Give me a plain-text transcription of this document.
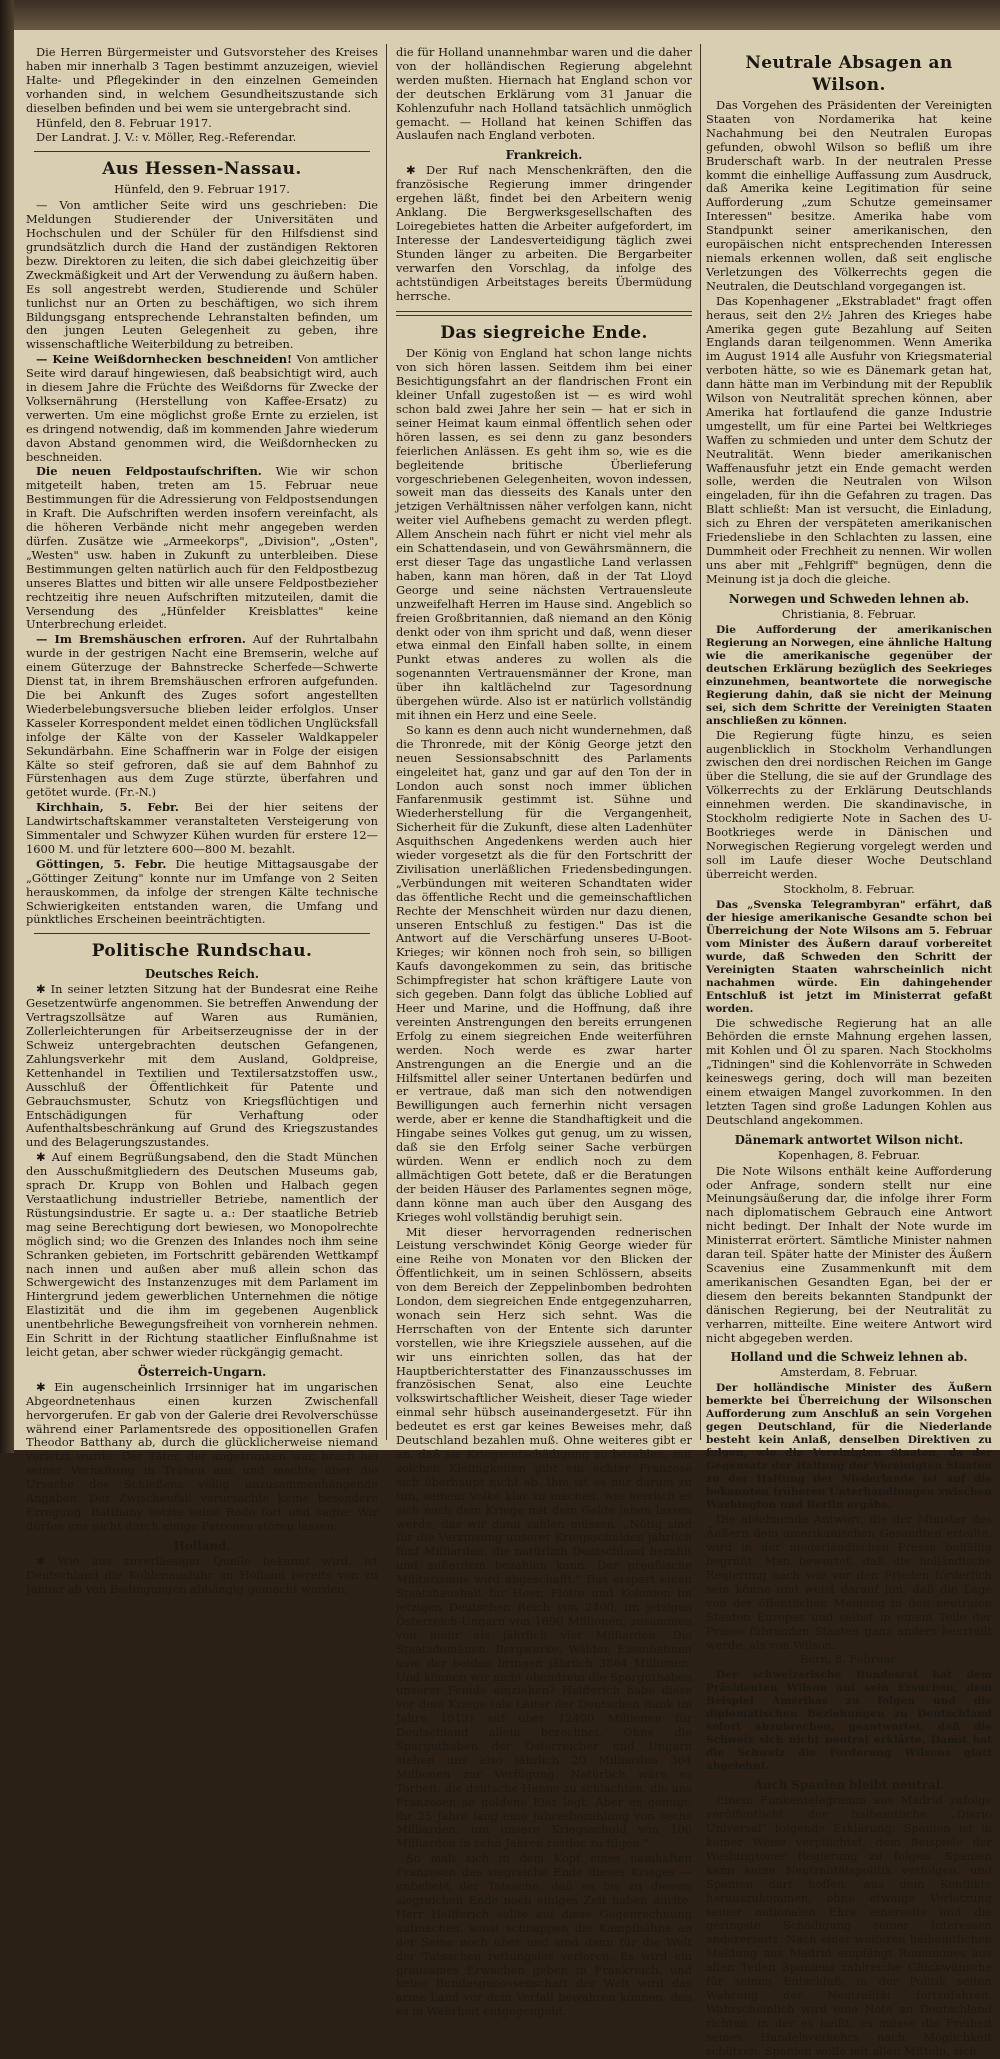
Die Herren Bürgermeister und Gutsvorsteher des Kreises haben mir innerhalb 3 Tagen bestimmt anzuzeigen, wieviel Halte- und Pflegekinder in den einzelnen Gemeinden vorhanden sind, in welchem Gesundheitszustande sich dieselben befinden und bei wem sie untergebracht sind.

Hünfeld, den 8. Februar 1917.

Der Landrat. J. V.: v. Möller, Reg.-Referendar.

Aus Hessen-Nassau.
Hünfeld, den 9. Februar 1917.

— Von amtlicher Seite wird uns geschrieben: Die Meldungen Studierender der Universitäten und Hochschulen und der Schüler für den Hilfsdienst sind grundsätzlich durch die Hand der zuständigen Rektoren bezw. Direktoren zu leiten, die sich dabei gleichzeitig über Zweckmäßigkeit und Art der Verwendung zu äußern haben. Es soll angestrebt werden, Studierende und Schüler tunlichst nur an Orten zu beschäftigen, wo sich ihrem Bildungsgang entsprechende Lehranstalten befinden, um den jungen Leuten Gelegenheit zu geben, ihre wissenschaftliche Weiterbildung zu betreiben.

— Keine Weißdornhecken beschneiden! Von amtlicher Seite wird darauf hingewiesen, daß beabsichtigt wird, auch in diesem Jahre die Früchte des Weißdorns für Zwecke der Volksernährung (Herstellung von Kaffee-Ersatz) zu verwerten. Um eine möglichst große Ernte zu erzielen, ist es dringend notwendig, daß im kommenden Jahre wiederum davon Abstand genommen wird, die Weißdornhecken zu beschneiden.

Die neuen Feldpostaufschriften. Wie wir schon mitgeteilt haben, treten am 15. Februar neue Bestimmungen für die Adressierung von Feldpostsendungen in Kraft. Die Aufschriften werden insofern vereinfacht, als die höheren Verbände nicht mehr angegeben werden dürfen. Zusätze wie „Armeekorps", „Division", „Osten", „Westen" usw. haben in Zukunft zu unterbleiben. Diese Bestimmungen gelten natürlich auch für den Feldpostbezug unseres Blattes und bitten wir alle unsere Feldpostbezieher rechtzeitig ihre neuen Aufschriften mitzuteilen, damit die Versendung des „Hünfelder Kreisblattes" keine Unterbrechung erleidet.

— Im Bremshäuschen erfroren. Auf der Ruhrtalbahn wurde in der gestrigen Nacht eine Bremserin, welche auf einem Güterzuge der Bahnstrecke Scherfede—Schwerte Dienst tat, in ihrem Bremshäuschen erfroren aufgefunden. Die bei Ankunft des Zuges sofort angestellten Wiederbelebungsversuche blieben leider erfolglos. Unser Kasseler Korrespondent meldet einen tödlichen Unglücksfall infolge der Kälte von der Kasseler Waldkappeler Sekundärbahn. Eine Schaffnerin war in Folge der eisigen Kälte so steif gefroren, daß sie auf dem Bahnhof zu Fürstenhagen aus dem Zuge stürzte, überfahren und getötet wurde. (Fr.-N.)

Kirchhain, 5. Febr. Bei der hier seitens der Landwirtschaftskammer veranstalteten Versteigerung von Simmentaler und Schwyzer Kühen wurden für erstere 12—1600 M. und für letztere 600—800 M. bezahlt.

Göttingen, 5. Febr. Die heutige Mittagsausgabe der „Göttinger Zeitung" konnte nur im Umfange von 2 Seiten herauskommen, da infolge der strengen Kälte technische Schwierigkeiten entstanden waren, die Umfang und pünktliches Erscheinen beeinträchtigten.

Politische Rundschau.
Deutsches Reich.

✱ In seiner letzten Sitzung hat der Bundesrat eine Reihe Gesetzentwürfe angenommen. Sie betreffen Anwendung der Vertragszollsätze auf Waren aus Rumänien, Zollerleichterungen für Arbeitserzeugnisse der in der Schweiz untergebrachten deutschen Gefangenen, Zahlungsverkehr mit dem Ausland, Goldpreise, Kettenhandel in Textilien und Textilersatzstoffen usw., Ausschluß der Öffentlichkeit für Patente und Gebrauchsmuster, Schutz von Kriegsflüchtigen und Entschädigungen für Verhaftung oder Aufenthaltsbeschränkung auf Grund des Kriegszustandes und des Belagerungszustandes.

✱ Auf einem Begrüßungsabend, den die Stadt München den Ausschußmitgliedern des Deutschen Museums gab, sprach Dr. Krupp von Bohlen und Halbach gegen Verstaatlichung industrieller Betriebe, namentlich der Rüstungsindustrie. Er sagte u. a.: Der staatliche Betrieb mag seine Berechtigung dort bewiesen, wo Monopolrechte möglich sind; wo die Grenzen des Inlandes noch ihm seine Schranken gebieten, im Fortschritt gebärenden Wettkampf nach innen und außen aber muß allein schon das Schwergewicht des Instanzenzuges mit dem Parlament im Hintergrund jedem gewerblichen Unternehmen die nötige Elastizität und die ihm im gegebenen Augenblick unentbehrliche Bewegungsfreiheit von vornherein nehmen. Ein Schritt in der Richtung staatlicher Einflußnahme ist leicht getan, aber schwer wieder rückgängig gemacht.

Österreich-Ungarn.

✱ Ein augenscheinlich Irrsinniger hat im ungarischen Abgeordnetenhaus einen kurzen Zwischenfall hervorgerufen. Er gab von der Galerie drei Revolverschüsse während einer Parlamentsrede des oppositionellen Grafen Theodor Batthany ab, durch die glücklicherweise niemand verletzt wurde. Der Täter, der angetrunken war, brach bei seiner Verhaftung in Tränen aus und machte über die Ursache des Schießens völlig unzusammenhängende Angaben. Der Zwischenfall verursachte keine besondere Erregung. Batthany setzte seine Rede fort und sagte: Wir dürfen uns nicht durch einige Patronen stören lassen.

Holland.

✱ Wie aus zuverlässiger Quelle bekannt wird, ist Deutschland die Kohlenausfuhr an Holland bereits von zu Januar ab von Bedingungen abhängig gemacht worden,

die für Holland unannehmbar waren und die daher von der holländischen Regierung abgelehnt werden mußten. Hiernach hat England schon vor der deutschen Erklärung vom 31 Januar die Kohlenzufuhr nach Holland tatsächlich unmöglich gemacht. — Holland hat keinen Schiffen das Auslaufen nach England verboten.

Frankreich.

✱ Der Ruf nach Menschenkräften, den die französische Regierung immer dringender ergehen läßt, findet bei den Arbeitern wenig Anklang. Die Bergwerksgesellschaften des Loiregebietes hatten die Arbeiter aufgefordert, im Interesse der Landesverteidigung täglich zwei Stunden länger zu arbeiten. Die Bergarbeiter verwarfen den Vorschlag, da infolge des achtstündigen Arbeitstages bereits Übermüdung herrsche.

Das siegreiche Ende.

Der König von England hat schon lange nichts von sich hören lassen. Seitdem ihm bei einer Besichtigungsfahrt an der flandrischen Front ein kleiner Unfall zugestoßen ist — es wird wohl schon bald zwei Jahre her sein — hat er sich in seiner Heimat kaum einmal öffentlich sehen oder hören lassen, es sei denn zu ganz besonders feierlichen Anlässen. Es geht ihm so, wie es die begleitende britische Überlieferung vorgeschriebenen Gelegenheiten, wovon indessen, soweit man das diesseits des Kanals unter den jetzigen Verhältnissen näher verfolgen kann, nicht weiter viel Aufhebens gemacht zu werden pflegt. Allem Anschein nach führt er nicht viel mehr als ein Schattendasein, und von Gewährsmännern, die erst dieser Tage das ungastliche Land verlassen haben, kann man hören, daß in der Tat Lloyd George und seine nächsten Vertrauensleute unzweifelhaft Herren im Hause sind. Angeblich so freien Großbritannien, daß niemand an den König denkt oder von ihm spricht und daß, wenn dieser etwa einmal den Einfall haben sollte, in einem Punkt etwas anderes zu wollen als die sogenannten Vertrauensmänner der Krone, man über ihn kaltlächelnd zur Tagesordnung übergehen würde. Also ist er natürlich vollständig mit ihnen ein Herz und eine Seele.

So kann es denn auch nicht wundernehmen, daß die Thronrede, mit der König George jetzt den neuen Sessionsabschnitt des Parlaments eingeleitet hat, ganz und gar auf den Ton der in London auch sonst noch immer üblichen Fanfarenmusik gestimmt ist. Sühne und Wiederherstellung für die Vergangenheit, Sicherheit für die Zukunft, diese alten Ladenhüter Asquithschen Angedenkens werden auch hier wieder vorgesetzt als die für den Fortschritt der Zivilisation unerläßlichen Friedensbedingungen. „Verbündungen mit weiteren Schandtaten wider das öffentliche Recht und die gemeinschaftlichen Rechte der Menschheit würden nur dazu dienen, unseren Entschluß zu festigen." Das ist die Antwort auf die Verschärfung unseres U-Boot-Krieges; wir können noch froh sein, so billigen Kaufs davongekommen zu sein, das britische Schimpfregister hat schon kräftigere Laute von sich gegeben. Dann folgt das übliche Loblied auf Heer und Marine, und die Hoffnung, daß ihre vereinten Anstrengungen den bereits errungenen Erfolg zu einem siegreichen Ende weiterführen werden. Noch werde es zwar harter Anstrengungen an die Energie und an die Hilfsmittel aller seiner Untertanen bedürfen und er vertraue, daß man sich den notwendigen Bewilligungen auch fernerhin nicht versagen werde, aber er kenne die Standhaftigkeit und die Hingabe seines Volkes gut genug, um zu wissen, daß sie den Erfolg seiner Sache verbürgen würden. Wenn er endlich noch zu dem allmächtigen Gott betete, daß er die Beratungen der beiden Häuser des Parlamentes segnen möge, dann könne man auch über den Ausgang des Krieges wohl vollständig beruhigt sein.

Mit dieser hervorragenden rednerischen Leistung verschwindet König George wieder für eine Reihe von Monaten vor den Blicken der Öffentlichkeit, um in seinen Schlössern, abseits von dem Bereich der Zeppelinbomben bedrohten London, dem siegreichen Ende entgegenzuharren, wonach sein Herz sich sehnt. Was die Herrschaften von der Entente sich darunter vorstellen, wie ihre Kriegsziele aussehen, auf die wir uns einrichten sollen, das hat der Hauptberichterstatter des Finanzausschusses im französischen Senat, also eine Leuchte volkswirtschaftlicher Weisheit, dieser Tage wieder einmal sehr hübsch auseinandergesetzt. Für ihn bedeutet es erst gar keines Beweises mehr, daß Deutschland bezahlen muß. Ohne weiteres gibt er an, daß sie Kriegsentschädigung zu bezahlen, mit solchen Kleinigkeiten gibt ein echter Franzose sich überhaupt nicht ab. Ihm ist es nur darum zu tun, seinem Volke klar zu machen, wie herrlich es sich nach dem Kriege mit dem Gelde leben lassen werde, das wir dann zahlen müssen. „Nötig sind für die Verzinsung unserer Kriegsschulden jährlich fünf Milliarden, die natürlich Deutschland bezahlt und außerdem bezahlen kann. Der preußische Militarismus wird abgeschafft." Das erspart einen Staatshaushalt für Heer, Flotte und Kolonien im jetzigen Deutschen Reich von 2400, im jetzigen Österreich-Ungarn von 1690 Millionen, zusammen von mehr als jährlich vier Milliarden. Die Staatsdomänen, Bergwerke, Wälder, Eisenbahnen usw. der beiden bringen jährlich 3864 Millionen. Und können wir nicht obendrein die Sparguthaben unserer Feinde einziehen? Helfferich habe diese vor dem Kriege (als Leiter der Deutschen Bank im Jahre 1913) auf über 12400 Millionen für Deutschland allein berechnet. Ohne die Sparguthaben der Österreicher und Ungarn stehen uns also jährlich 20 Milliarden 364 Millionen zur Verfügung. Natürlich wäre es Torheit, die deutsche Henne zu schlachten, die uns Franzosen so goldene Eier legt. Aber es genügt, ihr 25 Jahre lang eine Jahresbezahlung von sechs Milliarden, um unsere Kriegsschuld von 100 Milliarden in zehn Jahren restlos zu tilgen."

So malt sich in dem Kopf eines namhaften Franzosen das siegreiche Ende dieses Krieges — unbeliebt der Tatsache, daß es bis zu diesem siegreichen Ende noch einiges Zeit haben dürfte. Herr Helfferich sollte auf diese Gegenrechnung aufmachen, sonst schnappen die Kampfhähne an der Seine noch über und sind dann für die Welt der Tatsachen rettungslos verloren. Es wird ein grausames Erwachen geben in Frankreich, und keine Bundesgenossenschaft der Welt wird das arme Land vor dem Verfall bewahren können, den es in Wahrheit entgegengeht.

Neutrale Absagen an Wilson.

Das Vorgehen des Präsidenten der Vereinigten Staaten von Nordamerika hat keine Nachahmung bei den Neutralen Europas gefunden, obwohl Wilson so befliß um ihre Bruderschaft warb. In der neutralen Presse kommt die einhellige Auffassung zum Ausdruck, daß Amerika keine Legitimation für seine Aufforderung „zum Schutze gemeinsamer Interessen" besitze. Amerika habe vom Standpunkt seiner amerikanischen, den europäischen nicht entsprechenden Interessen niemals erkennen wollen, daß seit englische Verletzungen des Völkerrechts gegen die Neutralen, die Deutschland vorgegangen ist.

Das Kopenhagener „Ekstrabladet" fragt offen heraus, seit den 2½ Jahren des Krieges habe Amerika gegen gute Bezahlung auf Seiten Englands daran teilgenommen. Wenn Amerika im August 1914 alle Ausfuhr von Kriegsmaterial verboten hätte, so wie es Dänemark getan hat, dann hätte man im Verbindung mit der Republik Wilson von Neutralität sprechen können, aber Amerika hat fortlaufend die ganze Industrie umgestellt, um für eine Partei bei Weltkrieges Waffen zu schmieden und unter dem Schutz der Neutralität. Wenn bieder amerikanischen Waffenausfuhr jetzt ein Ende gemacht werden solle, werden die Neutralen von Wilson eingeladen, für ihn die Gefahren zu tragen. Das Blatt schließt: Man ist versucht, die Einladung, sich zu Ehren der verspäteten amerikanischen Friedensliebe in den Schlachten zu lassen, eine Dummheit oder Frechheit zu nennen. Wir wollen uns aber mit „Fehlgriff" begnügen, denn die Meinung ist ja doch die gleiche.

Norwegen und Schweden lehnen ab.
Christiania, 8. Februar.

Die Aufforderung der amerikanischen Regierung an Norwegen, eine ähnliche Haltung wie die amerikanische gegenüber der deutschen Erklärung bezüglich des Seekrieges einzunehmen, beantwortete die norwegische Regierung dahin, daß sie nicht der Meinung sei, sich dem Schritte der Vereinigten Staaten anschließen zu können.

Die Regierung fügte hinzu, es seien augenblicklich in Stockholm Verhandlungen zwischen den drei nordischen Reichen im Gange über die Stellung, die sie auf der Grundlage des Völkerrechts zu der Erklärung Deutschlands einnehmen werden. Die skandinavische, in Stockholm redigierte Note in Sachen des U-Bootkrieges werde in Dänischen und Norwegischen Regierung vorgelegt werden und soll im Laufe dieser Woche Deutschland überreicht werden.

Stockholm, 8. Februar.

Das „Svenska Telegrambyran" erfährt, daß der hiesige amerikanische Gesandte schon bei Überreichung der Note Wilsons am 5. Februar vom Minister des Äußern darauf vorbereitet wurde, daß Schweden den Schritt der Vereinigten Staaten wahrscheinlich nicht nachahmen würde. Ein dahingehender Entschluß ist jetzt im Ministerrat gefaßt worden.

Die schwedische Regierung hat an alle Behörden die ernste Mahnung ergehen lassen, mit Kohlen und Öl zu sparen. Nach Stockholms „Tidningen" sind die Kohlenvorräte in Schweden keineswegs gering, doch will man bezeiten einem etwaigen Mangel zuvorkommen. In den letzten Tagen sind große Ladungen Kohlen aus Deutschland angekommen.

Dänemark antwortet Wilson nicht.
Kopenhagen, 8. Februar.

Die Note Wilsons enthält keine Aufforderung oder Anfrage, sondern stellt nur eine Meinungsäußerung dar, die infolge ihrer Form nach diplomatischem Gebrauch eine Antwort nicht bedingt. Der Inhalt der Note wurde im Ministerrat erörtert. Sämtliche Minister nahmen daran teil. Später hatte der Minister des Äußern Scavenius eine Zusammenkunft mit dem amerikanischen Gesandten Egan, bei der er diesem den bereits bekannten Standpunkt der dänischen Regierung, bei der Neutralität zu verharren, mitteilte. Eine weitere Antwort wird nicht abgegeben werden.

Holland und die Schweiz lehnen ab.
Amsterdam, 8. Februar.

Der holländische Minister des Äußern bemerkte bei Überreichung der Wilsonschen Aufforderung zum Anschluß an sein Vorgehen gegen Deutschland, für die Niederlande besteht kein Anlaß, denselben Direktiven zu folgen, wie die Vereinigten Staaten, da der Gegensatz der Haltung der Vereinigten Staaten zu der Haltung der Niederlande ist auf die bekannten früheren Unterhandlungen zwischen Washington und Berlin ergäbe.

Die ablehnende Antwort, die der Minister des Äußern dem amerikanischen Gesandten erteilte, wird in der niederländischen Presse beifällig begrüßt. Man bewertet, daß die holländische Regierung nach wie vor den Frieden förderlich sein könne und weist darauf hin, daß die Lage von der öffentlichen Meinung in den neutralen Staaten Europas und selbst in einem Teile der Presse führenden Staaten ganz anders beurteilt werde, als von Wilson.

Bern, 8. Februar.

Der schweizerische Bundesrat hat dem Präsidenten Wilson auf sein Ersuchen, dem Beispiel Amerikas zu folgen und die diplomatischen Beziehungen zu Deutschland sofort abzubrechen, geantwortet, daß die Schweiz sich nicht neutral erklärte. Damit hat die Schweiz die Forderung Wilsons glatt abgelehnt.

Auch Spanien bleibt neutral.

Einem Funkentelegramm aus Madrid zufolge veröffentlicht der halbamtliche „Diario Universal" folgende Erklärung: Spanien ist in keiner Weise verpflichtet, dem Beispiele der Washingtoner Regierung zu folgen. Spanien kann keine Neutralitätspolitik verfolgen, und Spanien darf hoffen, aus dem Konflikte herauszukommen, ohne etwaige Verletzung seiner nationalen Ehre einerseits und die geringste Schädigung seiner Interessen andererseits. Nach einer weiteren halbamtlichen Meldung aus Madrid empfängt Romanones aus allen Teilen Spaniens zahlreiche Glückwünsche für seinen Entschluß, in der Politik seiten Wahrung der Neutralität fortzufahren. Wahrscheinlich wird eine Note an Deutschland richten, in der es heißt, es müsse die Freiheit seines Handelsverkehrs nach Möglichkeit schützen. Spanien wolle mit allen Mitteln, sich
